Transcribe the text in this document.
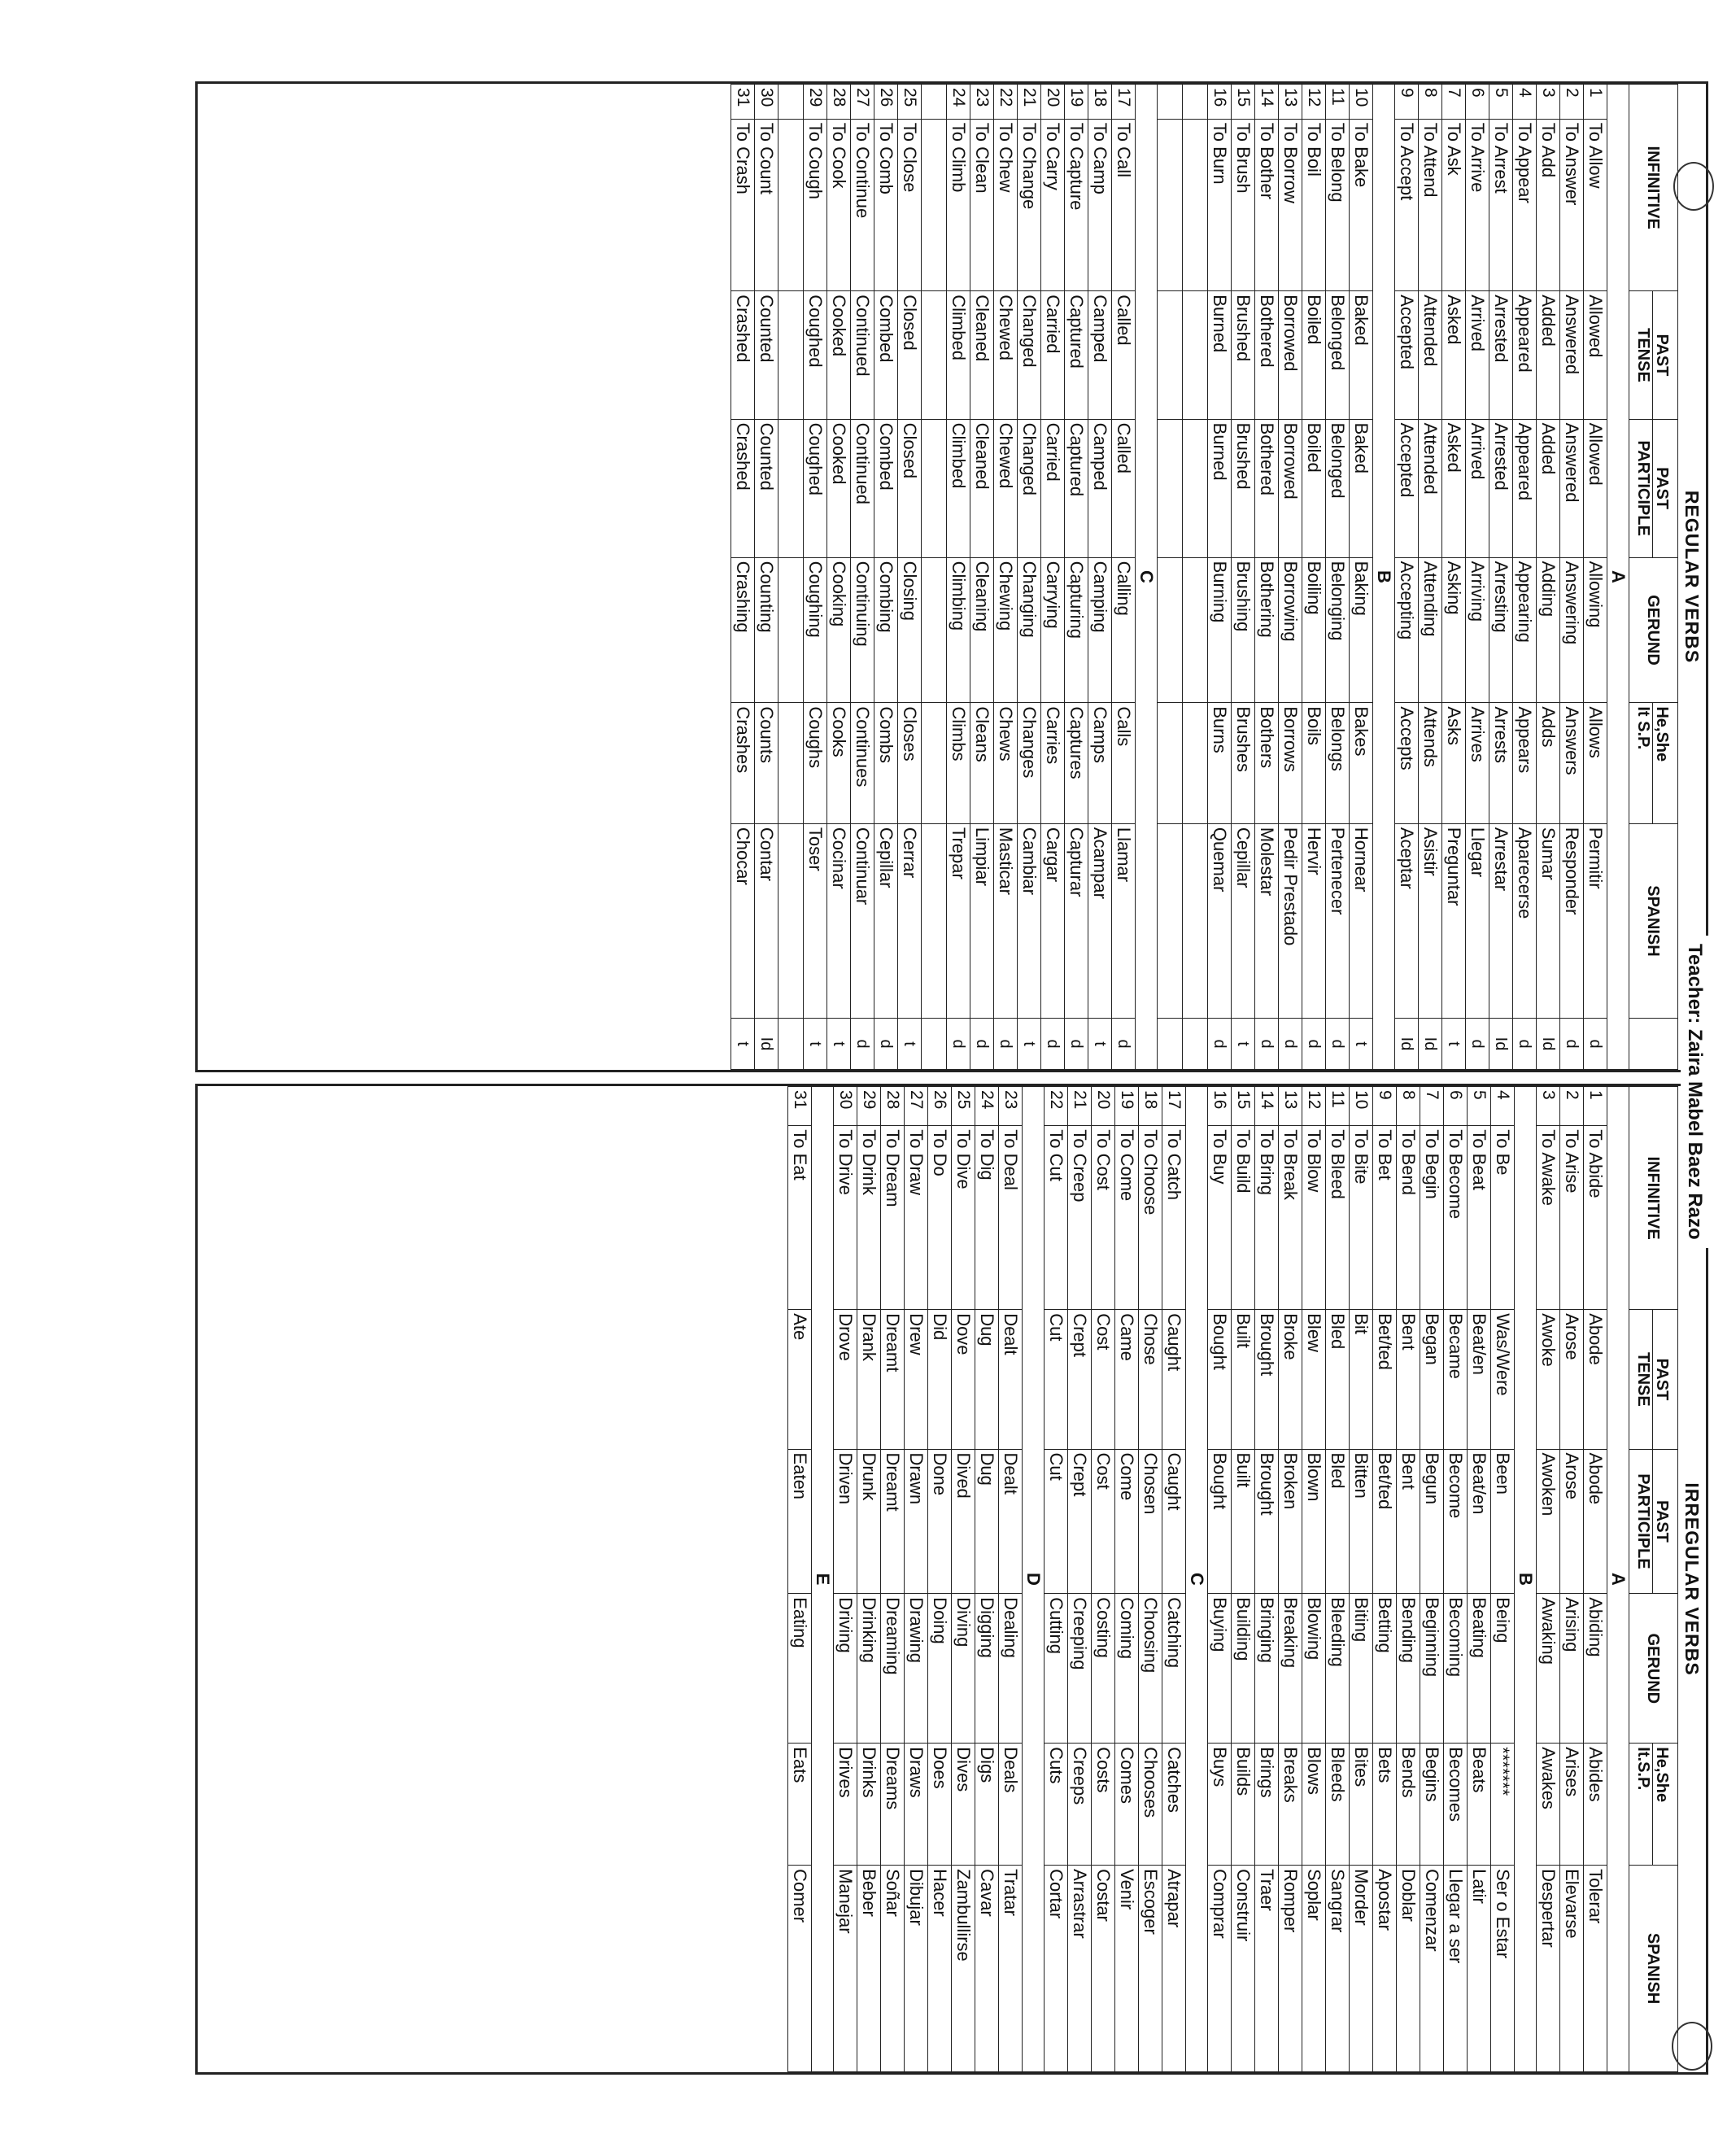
Teacher: Zaira Mabel Baez Razo
REGULAR VERBS
INFINITIVE		PAST	PAST	GERUND	He,She	SPANISH	
		TENSE	PARTICIPLE		It S.P.		
A							
1	To Allow	Allowed	Allowed	Allowing	Allows	Permitir	d
2	To Answer	Answered	Answered	Answering	Answers	Responder	d
3	To Add	Added	Added	Adding	Adds	Sumar	Id
4	To Appear	Appeared	Appeared	Appearing	Appears	Aparecerse	d
5	To Arrest	Arrested	Arrested	Arresting	Arrests	Arrestar	Id
6	To Arrive	Arrived	Arrived	Arriving	Arrives	Llegar	d
7	To Ask	Asked	Asked	Asking	Asks	Preguntar	t
8	To Attend	Attended	Attended	Attending	Attends	Asistir	Id
9	To Accept	Accepted	Accepted	Accepting	Accepts	Aceptar	Id
B							
10	To Bake	Baked	Baked	Baking	Bakes	Hornear	t
11	To Belong	Belonged	Belonged	Belonging	Belongs	Pertenecer	d
12	To Boil	Boiled	Boiled	Boiling	Boils	Hervir	d
13	To Borrow	Borrowed	Borrowed	Borrowing	Borrows	Pedir Prestado	d
14	To Bother	Bothered	Bothered	Bothering	Bothers	Molestar	d
15	To Brush	Brushed	Brushed	Brushing	Brushes	Cepillar	t
16	To Burn	Burned	Burned	Burning	Burns	Quemar	d

C							
17	To Call	Called	Called	Calling	Calls	Llamar	d
18	To Camp	Camped	Camped	Camping	Camps	Acampar	t
19	To Capture	Captured	Captured	Capturing	Captures	Capturar	d
20	To Carry	Carried	Carried	Carrying	Carries	Cargar	d
21	To Change	Changed	Changed	Changing	Changes	Cambiar	t
22	To Chew	Chewed	Chewed	Chewing	Chews	Masticar	d
23	To Clean	Cleaned	Cleaned	Cleaning	Cleans	Limpiar	d
24	To Climb	Climbed	Climbed	Climbing	Climbs	Trepar	d

25	To Close	Closed	Closed	Closing	Closes	Cerrar	t
26	To Comb	Combed	Combed	Combing	Combs	Cepillar	d
27	To Continue	Continued	Continued	Continuing	Continues	Continuar	d
28	To Cook	Cooked	Cooked	Cooking	Cooks	Cocinar	t
29	To Cough	Coughed	Coughed	Coughing	Coughs	Toser	t

30	To Count	Counted	Counted	Counting	Counts	Contar	Id
31	To Crash	Crashed	Crashed	Crashing	Crashes	Chocar	t
IRREGULAR VERBS
INFINITIVE		PAST	PAST	GERUND	He,She	SPANISH
		TENSE	PARTICIPLE		It.S.P.	
A						
1	To Abide	Abode	Abode	Abiding	Abides	Tolerar
2	To Arise	Arose	Arose	Arising	Arises	Elevarse
3	To Awake	Awoke	Awoken	Awaking	Awakes	Despertar
B						
4	To Be	Was/Were	Been	Being	*******	Ser o Estar
5	To Beat	Beat/en	Beat/en	Beating	Beats	Latir
6	To Become	Became	Become	Becoming	Becomes	Llegar a ser
7	To Begin	Began	Begun	Beginning	Begins	Comenzar
8	To Bend	Bent	Bent	Bending	Bends	Doblar
9	To Bet	Bet/ted	Bet/ted	Betting	Bets	Apostar
10	To Bite	Bit	Bitten	Biting	Bites	Morder
11	To Bleed	Bled	Bled	Bleeding	Bleeds	Sangrar
12	To Blow	Blew	Blown	Blowing	Blows	Soplar
13	To Break	Broke	Broken	Breaking	Breaks	Romper
14	To Bring	Brought	Brought	Bringing	Brings	Traer
15	To Build	Built	Built	Building	Builds	Construir
16	To Buy	Bought	Bought	Buying	Buys	Comprar
C						
17	To Catch	Caught	Caught	Catching	Catches	Atrapar
18	To Choose	Chose	Chosen	Choosing	Chooses	Escoger
19	To Come	Came	Come	Coming	Comes	Venir
20	To Cost	Cost	Cost	Costing	Costs	Costar
21	To Creep	Crept	Crept	Creeping	Creeps	Arrastrar
22	To Cut	Cut	Cut	Cutting	Cuts	Cortar
D						
23	To Deal	Dealt	Dealt	Dealing	Deals	Tratar
24	To Dig	Dug	Dug	Digging	Digs	Cavar
25	To Dive	Dove	Dived	Diving	Dives	Zambullirse
26	To Do	Did	Done	Doing	Does	Hacer
27	To Draw	Drew	Drawn	Drawing	Draws	Dibujar
28	To Dream	Dreamt	Dreamt	Dreaming	Dreams	Soñar
29	To Drink	Drank	Drunk	Drinking	Drinks	Beber
30	To Drive	Drove	Driven	Driving	Drives	Manejar
E						
31	To Eat	Ate	Eaten	Eating	Eats	Comer
